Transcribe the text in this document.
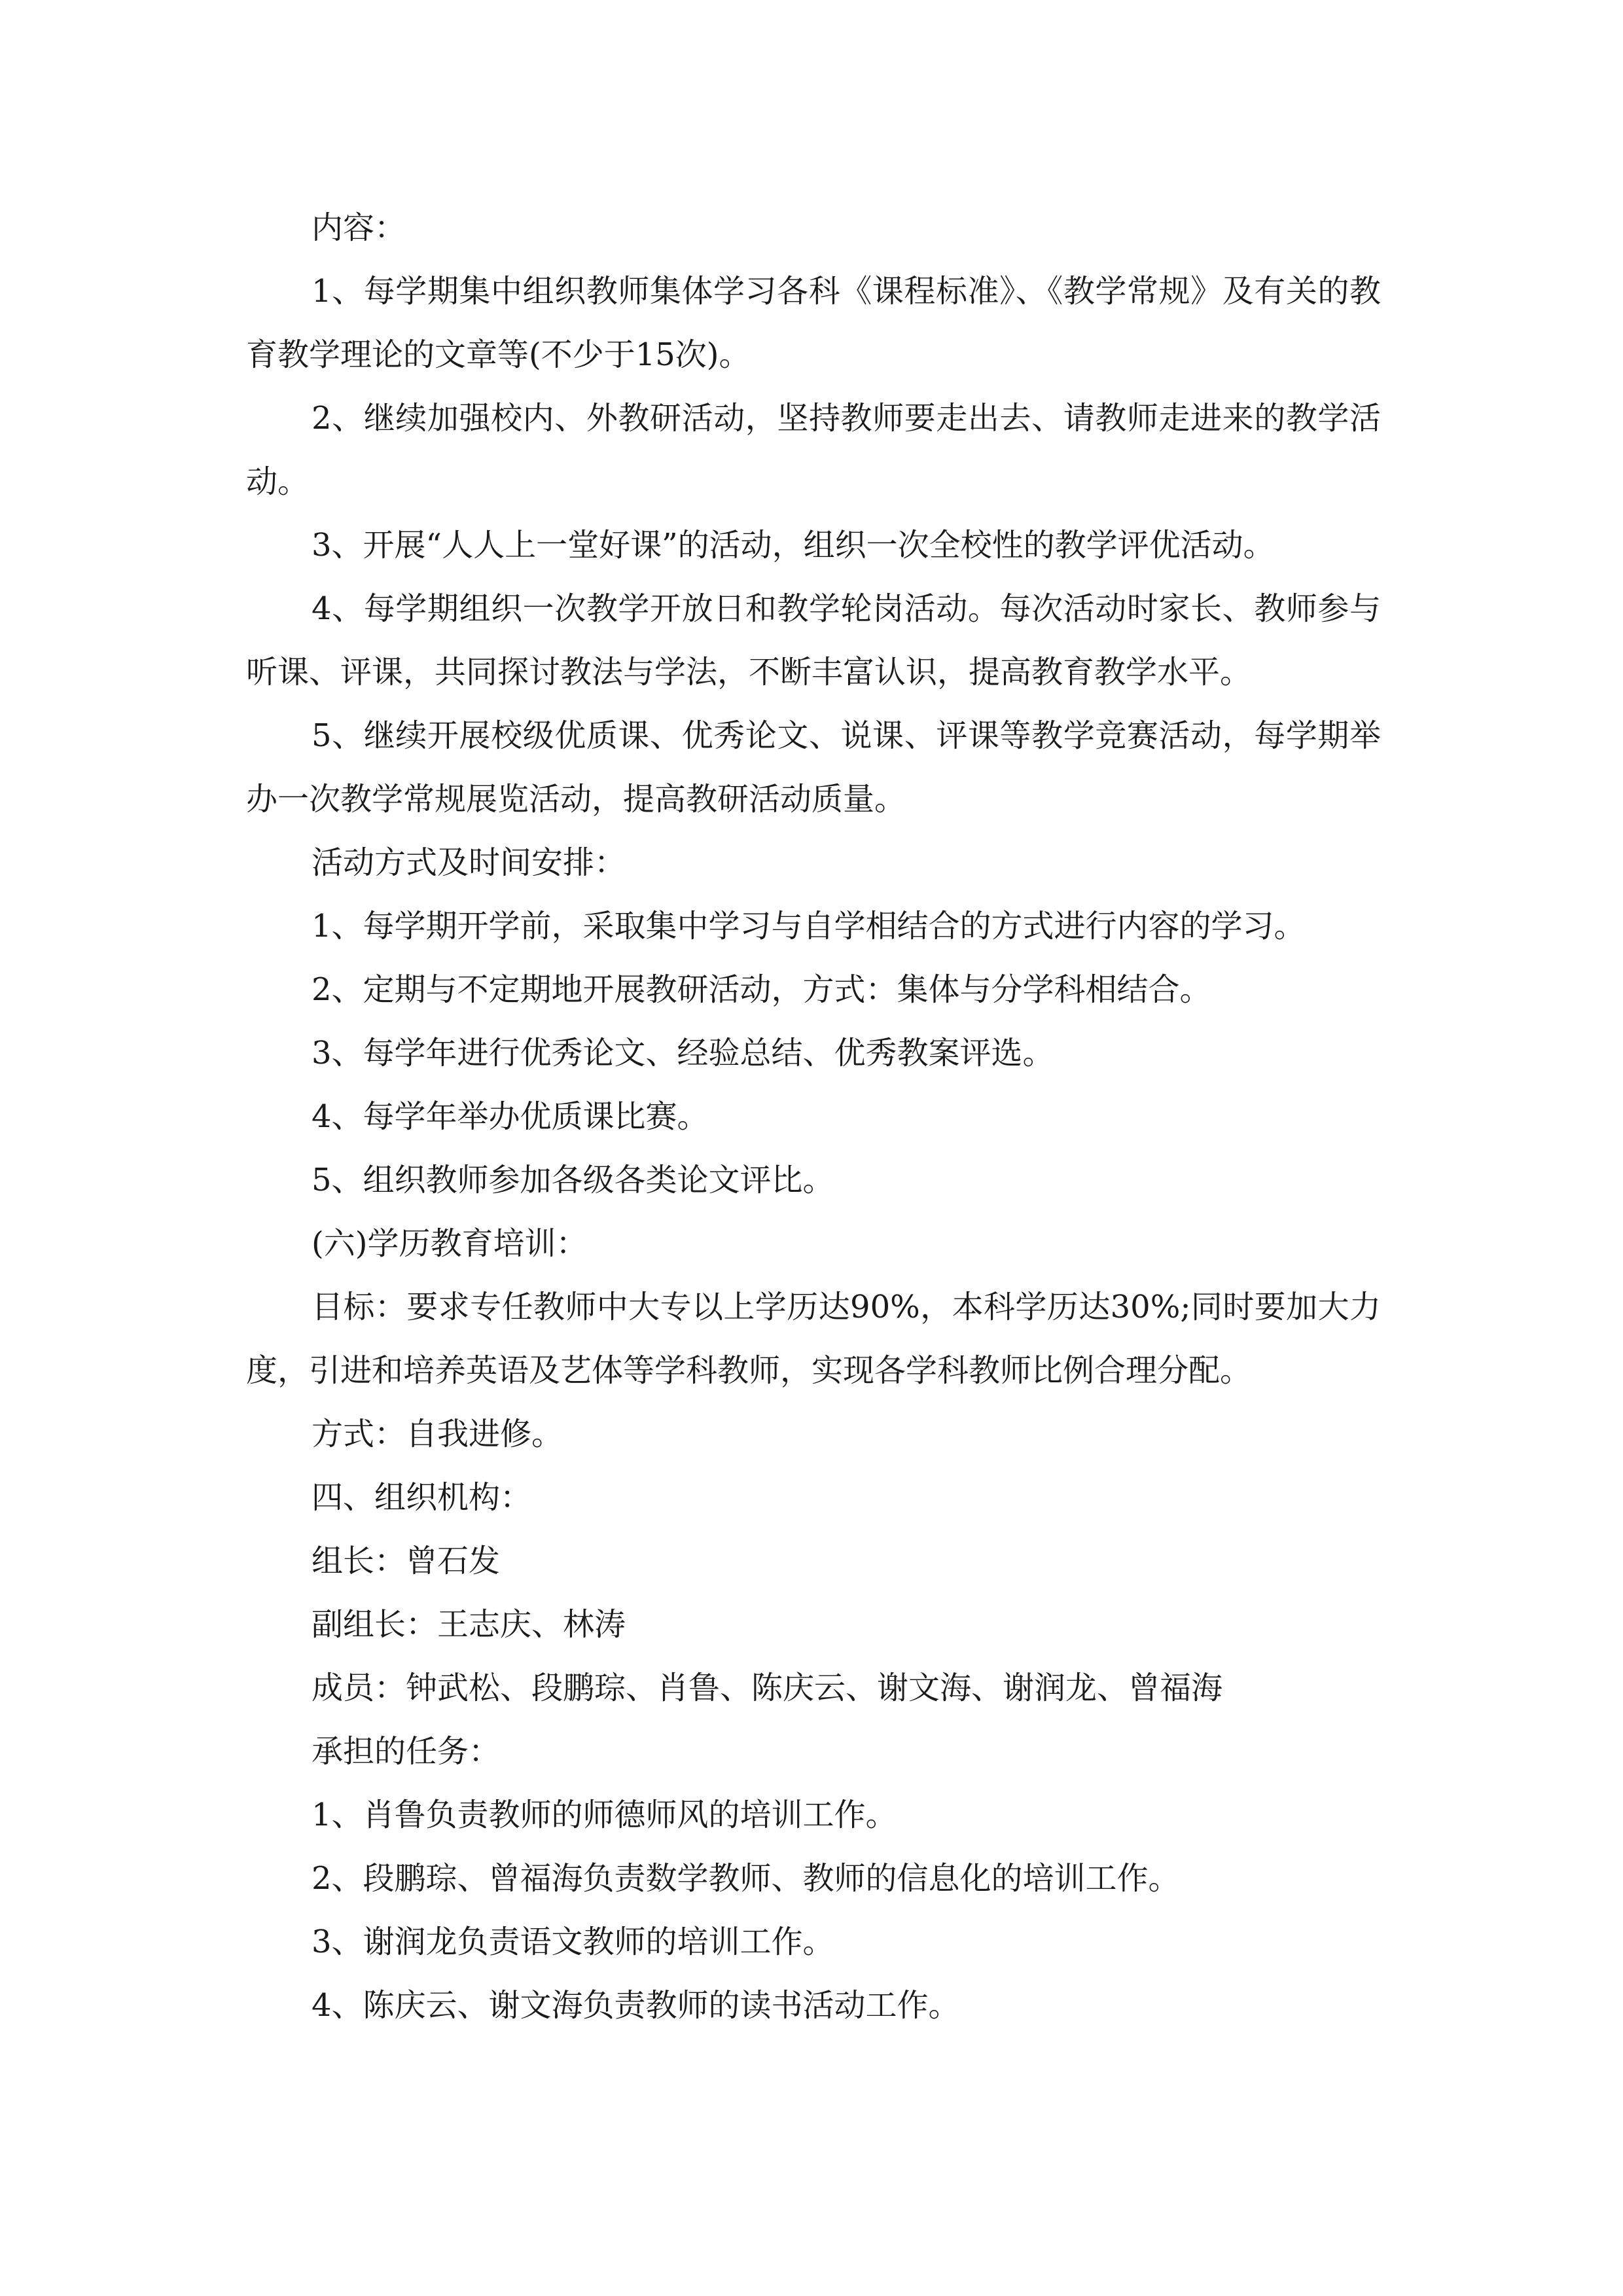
内容：

1、每学期集中组织教师集体学习各科《课程标准》、《教学常规》及有关的教育教学理论的文章等(不少于15次)。

2、继续加强校内、外教研活动，坚持教师要走出去、请教师走进来的教学活动。

3、开展“人人上一堂好课”的活动，组织一次全校性的教学评优活动。

4、每学期组织一次教学开放日和教学轮岗活动。每次活动时家长、教师参与听课、评课，共同探讨教法与学法，不断丰富认识，提高教育教学水平。

5、继续开展校级优质课、优秀论文、说课、评课等教学竞赛活动，每学期举办一次教学常规展览活动，提高教研活动质量。

活动方式及时间安排：

1、每学期开学前，采取集中学习与自学相结合的方式进行内容的学习。

2、定期与不定期地开展教研活动，方式：集体与分学科相结合。

3、每学年进行优秀论文、经验总结、优秀教案评选。

4、每学年举办优质课比赛。

5、组织教师参加各级各类论文评比。

(六)学历教育培训：

目标：要求专任教师中大专以上学历达90%，本科学历达30%;同时要加大力度，引进和培养英语及艺体等学科教师，实现各学科教师比例合理分配。

方式：自我进修。

四、组织机构：

组长：曾石发

副组长：王志庆、林涛

成员：钟武松、段鹏琮、肖鲁、陈庆云、谢文海、谢润龙、曾福海

承担的任务：

1、肖鲁负责教师的师德师风的培训工作。

2、段鹏琮、曾福海负责数学教师、教师的信息化的培训工作。

3、谢润龙负责语文教师的培训工作。

4、陈庆云、谢文海负责教师的读书活动工作。
